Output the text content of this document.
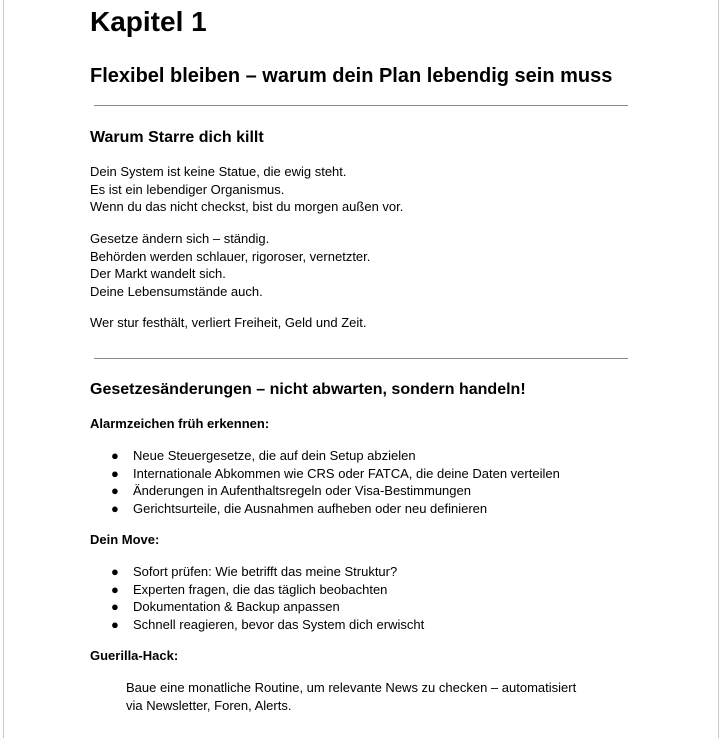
Kapitel 1
Flexibel bleiben – warum dein Plan lebendig sein muss
Warum Starre dich killt
Dein System ist keine Statue, die ewig steht.
Es ist ein lebendiger Organismus.
Wenn du das nicht checkst, bist du morgen außen vor.
Gesetze ändern sich – ständig.
Behörden werden schlauer, rigoroser, vernetzter.
Der Markt wandelt sich.
Deine Lebensumstände auch.
Wer stur festhält, verliert Freiheit, Geld und Zeit.
Gesetzesänderungen – nicht abwarten, sondern handeln!
Alarmzeichen früh erkennen:
● Neue Steuergesetze, die auf dein Setup abzielen
● Internationale Abkommen wie CRS oder FATCA, die deine Daten verteilen
● Änderungen in Aufenthaltsregeln oder Visa-Bestimmungen
● Gerichtsurteile, die Ausnahmen aufheben oder neu definieren
Dein Move:
● Sofort prüfen: Wie betrifft das meine Struktur?
● Experten fragen, die das täglich beobachten
● Dokumentation & Backup anpassen
● Schnell reagieren, bevor das System dich erwischt
Guerilla-Hack:
Baue eine monatliche Routine, um relevante News zu checken – automatisiert
via Newsletter, Foren, Alerts.
